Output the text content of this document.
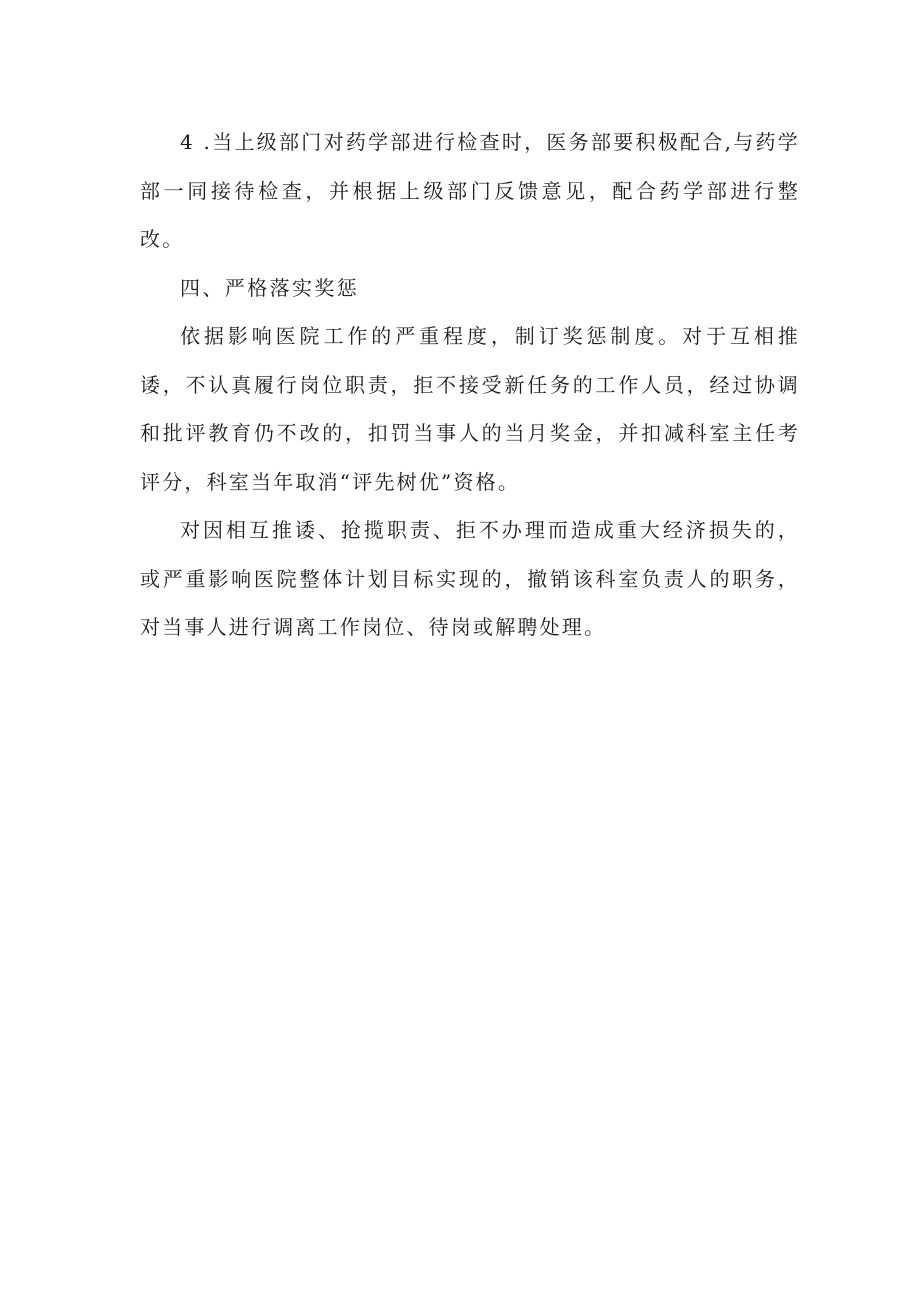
4 .当上级部门对药学部进行检查时，医务部要积极配合,与药学部一同接待检查，并根据上级部门反馈意见，配合药学部进行整改。

四、严格落实奖惩

依据影响医院工作的严重程度，制订奖惩制度。对于互相推诿，不认真履行岗位职责，拒不接受新任务的工作人员，经过协调和批评教育仍不改的，扣罚当事人的当月奖金，并扣减科室主任考评分，科室当年取消“评先树优”资格。

对因相互推诿、抢揽职责、拒不办理而造成重大经济损失的，或严重影响医院整体计划目标实现的，撤销该科室负责人的职务，对当事人进行调离工作岗位、待岗或解聘处理。
